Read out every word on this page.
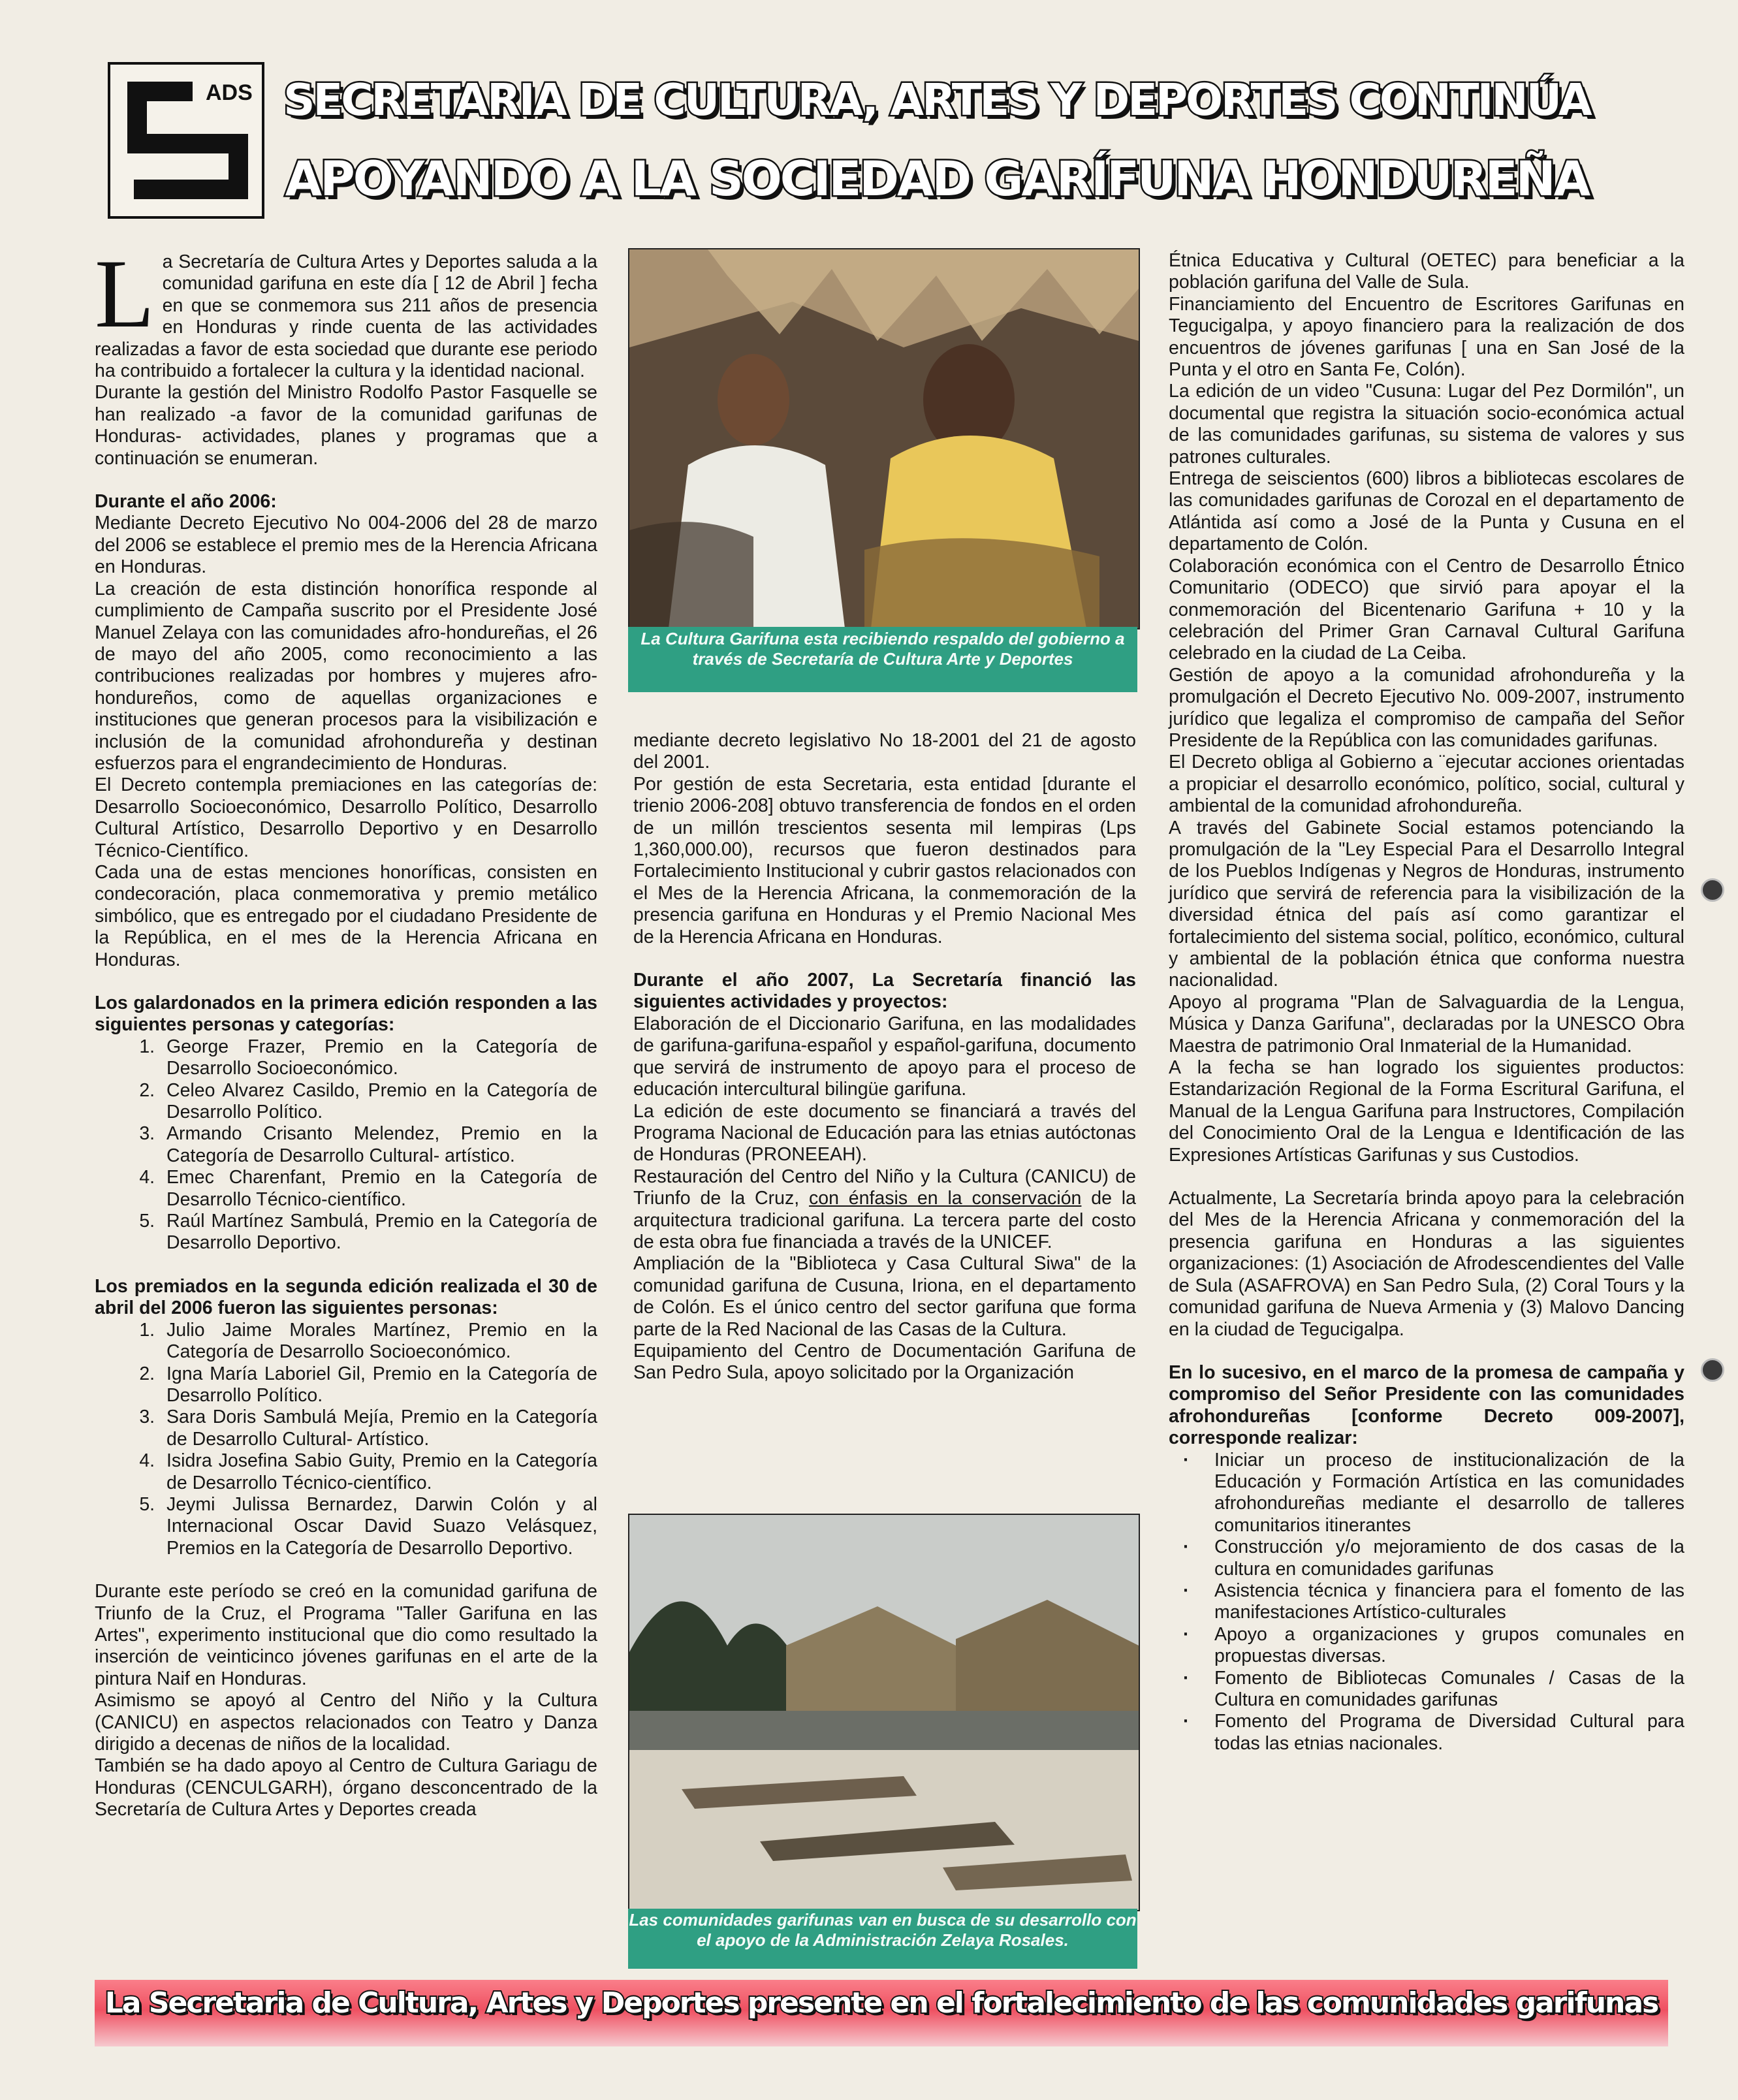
ADS SECRETARIA DE CULTURA, ARTES Y DEPORTES CONTINÚA
APOYANDO A LA SOCIEDAD GARÍFUNA HONDUREÑA

La Secretaría de Cultura Artes y Deportes saluda a la comunidad garifuna en este día [ 12 de Abril ] fecha en que se conmemora sus 211 años de presencia en Honduras y rinde cuenta de las actividades realizadas a favor de esta sociedad que durante ese periodo ha contribuido a fortalecer la cultura y la identidad nacional.

Durante la gestión del Ministro Rodolfo Pastor Fasquelle se han realizado -a favor de la comunidad garifunas de Honduras- actividades, planes y programas que a continuación se enumeran.

Durante el año 2006:

Mediante Decreto Ejecutivo No 004-2006 del 28 de marzo del 2006 se establece el premio mes de la Herencia Africana en Honduras.

La creación de esta distinción honorífica responde al cumplimiento de Campaña suscrito por el Presidente José Manuel Zelaya con las comunidades afro-hondureñas, el 26 de mayo del año 2005, como reconocimiento a las contribuciones realizadas por hombres y mujeres afro-hondureños, como de aquellas organizaciones e instituciones que generan procesos para la visibilización e inclusión de la comunidad afrohondureña y destinan esfuerzos para el engrandecimiento de Honduras.

El Decreto contempla premiaciones en las categorías de: Desarrollo Socioeconómico, Desarrollo Político, Desarrollo Cultural Artístico, Desarrollo Deportivo y en Desarrollo Técnico-Científico.

Cada una de estas menciones honoríficas, consisten en condecoración, placa conmemorativa y premio metálico simbólico, que es entregado por el ciudadano Presidente de la República, en el mes de la Herencia Africana en Honduras.

Los galardonados en la primera edición responden a las siguientes personas y categorías:

1. George Frazer, Premio en la Categoría de Desarrollo Socioeconómico.
2. Celeo Alvarez Casildo, Premio en la Categoría de Desarrollo Político.
3. Armando Crisanto Melendez, Premio en la Categoría de Desarrollo Cultural- artístico.
4. Emec Charenfant, Premio en la Categoría de Desarrollo Técnico-científico.
5. Raúl Martínez Sambulá, Premio en la Categoría de Desarrollo Deportivo.

Los premiados en la segunda edición realizada el 30 de abril del 2006 fueron las siguientes personas:

1. Julio Jaime Morales Martínez, Premio en la Categoría de Desarrollo Socioeconómico.
2. Igna María Laboriel Gil, Premio en la Categoría de Desarrollo Político.
3. Sara Doris Sambulá Mejía, Premio en la Categoría de Desarrollo Cultural- Artístico.
4. Isidra Josefina Sabio Guity, Premio en la Categoría de Desarrollo Técnico-científico.
5. Jeymi Julissa Bernardez, Darwin Colón y al Internacional Oscar David Suazo Velásquez, Premios en la Categoría de Desarrollo Deportivo.

Durante este período se creó en la comunidad garifuna de Triunfo de la Cruz, el Programa "Taller Garifuna en las Artes", experimento institucional que dio como resultado la inserción de veinticinco jóvenes garifunas en el arte de la pintura Naif en Honduras.

Asimismo se apoyó al Centro del Niño y la Cultura (CANICU) en aspectos relacionados con Teatro y Danza dirigido a decenas de niños de la localidad.

También se ha dado apoyo al Centro de Cultura Gariagu de Honduras (CENCULGARH), órgano desconcentrado de la Secretaría de Cultura Artes y Deportes creada

La Cultura Garifuna esta recibiendo respaldo del gobierno a través de Secretaría de Cultura Arte y Deportes

mediante decreto legislativo No 18-2001 del 21 de agosto del 2001.

Por gestión de esta Secretaria, esta entidad [durante el trienio 2006-208] obtuvo transferencia de fondos en el orden de un millón trescientos sesenta mil lempiras (Lps 1,360,000.00), recursos que fueron destinados para Fortalecimiento Institucional y cubrir gastos relacionados con el Mes de la Herencia Africana, la conmemoración de la presencia garifuna en Honduras y el Premio Nacional Mes de la Herencia Africana en Honduras.

Durante el año 2007, La Secretaría financió las siguientes actividades y proyectos:

Elaboración de el Diccionario Garifuna, en las modalidades de garifuna-garifuna-español y español-garifuna, documento que servirá de instrumento de apoyo para el proceso de educación intercultural bilingüe garifuna.

La edición de este documento se financiará a través del Programa Nacional de Educación para las etnias autóctonas de Honduras (PRONEEAH).

Restauración del Centro del Niño y la Cultura (CANICU) de Triunfo de la Cruz, con énfasis en la conservación de la arquitectura tradicional garifuna. La tercera parte del costo de esta obra fue financiada a través de la UNICEF.

Ampliación de la "Biblioteca y Casa Cultural Siwa" de la comunidad garifuna de Cusuna, Iriona, en el departamento de Colón. Es el único centro del sector garifuna que forma parte de la Red Nacional de las Casas de la Cultura.

Equipamiento del Centro de Documentación Garifuna de San Pedro Sula, apoyo solicitado por la Organización

Las comunidades garifunas van en busca de su desarrollo con el apoyo de la Administración Zelaya Rosales.

Étnica Educativa y Cultural (OETEC) para beneficiar a la población garifuna del Valle de Sula.

Financiamiento del Encuentro de Escritores Garifunas en Tegucigalpa, y apoyo financiero para la realización de dos encuentros de jóvenes garifunas [ una en San José de la Punta y el otro en Santa Fe, Colón).

La edición de un video "Cusuna: Lugar del Pez Dormilón", un documental que registra la situación socio-económica actual de las comunidades garifunas, su sistema de valores y sus patrones culturales.

Entrega de seiscientos (600) libros a bibliotecas escolares de las comunidades garifunas de Corozal en el departamento de Atlántida así como a José de la Punta y Cusuna en el departamento de Colón.

Colaboración económica con el Centro de Desarrollo Étnico Comunitario (ODECO) que sirvió para apoyar el la conmemoración del Bicentenario Garifuna + 10 y la celebración del Primer Gran Carnaval Cultural Garifuna celebrado en la ciudad de La Ceiba.

Gestión de apoyo a la comunidad afrohondureña y la promulgación el Decreto Ejecutivo No. 009-2007, instrumento jurídico que legaliza el compromiso de campaña del Señor Presidente de la República con las comunidades garifunas.

El Decreto obliga al Gobierno a ¨ejecutar acciones orientadas a propiciar el desarrollo económico, político, social, cultural y ambiental de la comunidad afrohondureña.

A través del Gabinete Social estamos potenciando la promulgación de la "Ley Especial Para el Desarrollo Integral de los Pueblos Indígenas y Negros de Honduras, instrumento jurídico que servirá de referencia para la visibilización de la diversidad étnica del país así como garantizar el fortalecimiento del sistema social, político, económico, cultural y ambiental de la población étnica que conforma nuestra nacionalidad.

Apoyo al programa "Plan de Salvaguardia de la Lengua, Música y Danza Garifuna", declaradas por la UNESCO Obra Maestra de patrimonio Oral Inmaterial de la Humanidad.

A la fecha se han logrado los siguientes productos: Estandarización Regional de la Forma Escritural Garifuna, el Manual de la Lengua Garifuna para Instructores, Compilación del Conocimiento Oral de la Lengua e Identificación de las Expresiones Artísticas Garifunas y sus Custodios.

Actualmente, La Secretaría brinda apoyo para la celebración del Mes de la Herencia Africana y conmemoración del la presencia garifuna en Honduras a las siguientes organizaciones: (1) Asociación de Afrodescendientes del Valle de Sula (ASAFROVA) en San Pedro Sula, (2) Coral Tours y la comunidad garifuna de Nueva Armenia y (3) Malovo Dancing en la ciudad de Tegucigalpa.

En lo sucesivo, en el marco de la promesa de campaña y compromiso del Señor Presidente con las comunidades afrohondureñas [conforme Decreto 009-2007], corresponde realizar:

· Iniciar un proceso de institucionalización de la Educación y Formación Artística en las comunidades afrohondureñas mediante el desarrollo de talleres comunitarios itinerantes
· Construcción y/o mejoramiento de dos casas de la cultura en comunidades garifunas
· Asistencia técnica y financiera para el fomento de las manifestaciones Artístico-culturales
· Apoyo a organizaciones y grupos comunales en propuestas diversas.
· Fomento de Bibliotecas Comunales / Casas de la Cultura en comunidades garifunas
· Fomento del Programa de Diversidad Cultural para todas las etnias nacionales.
La Secretaria de Cultura, Artes y Deportes presente en el fortalecimiento de las comunidades garifunas
